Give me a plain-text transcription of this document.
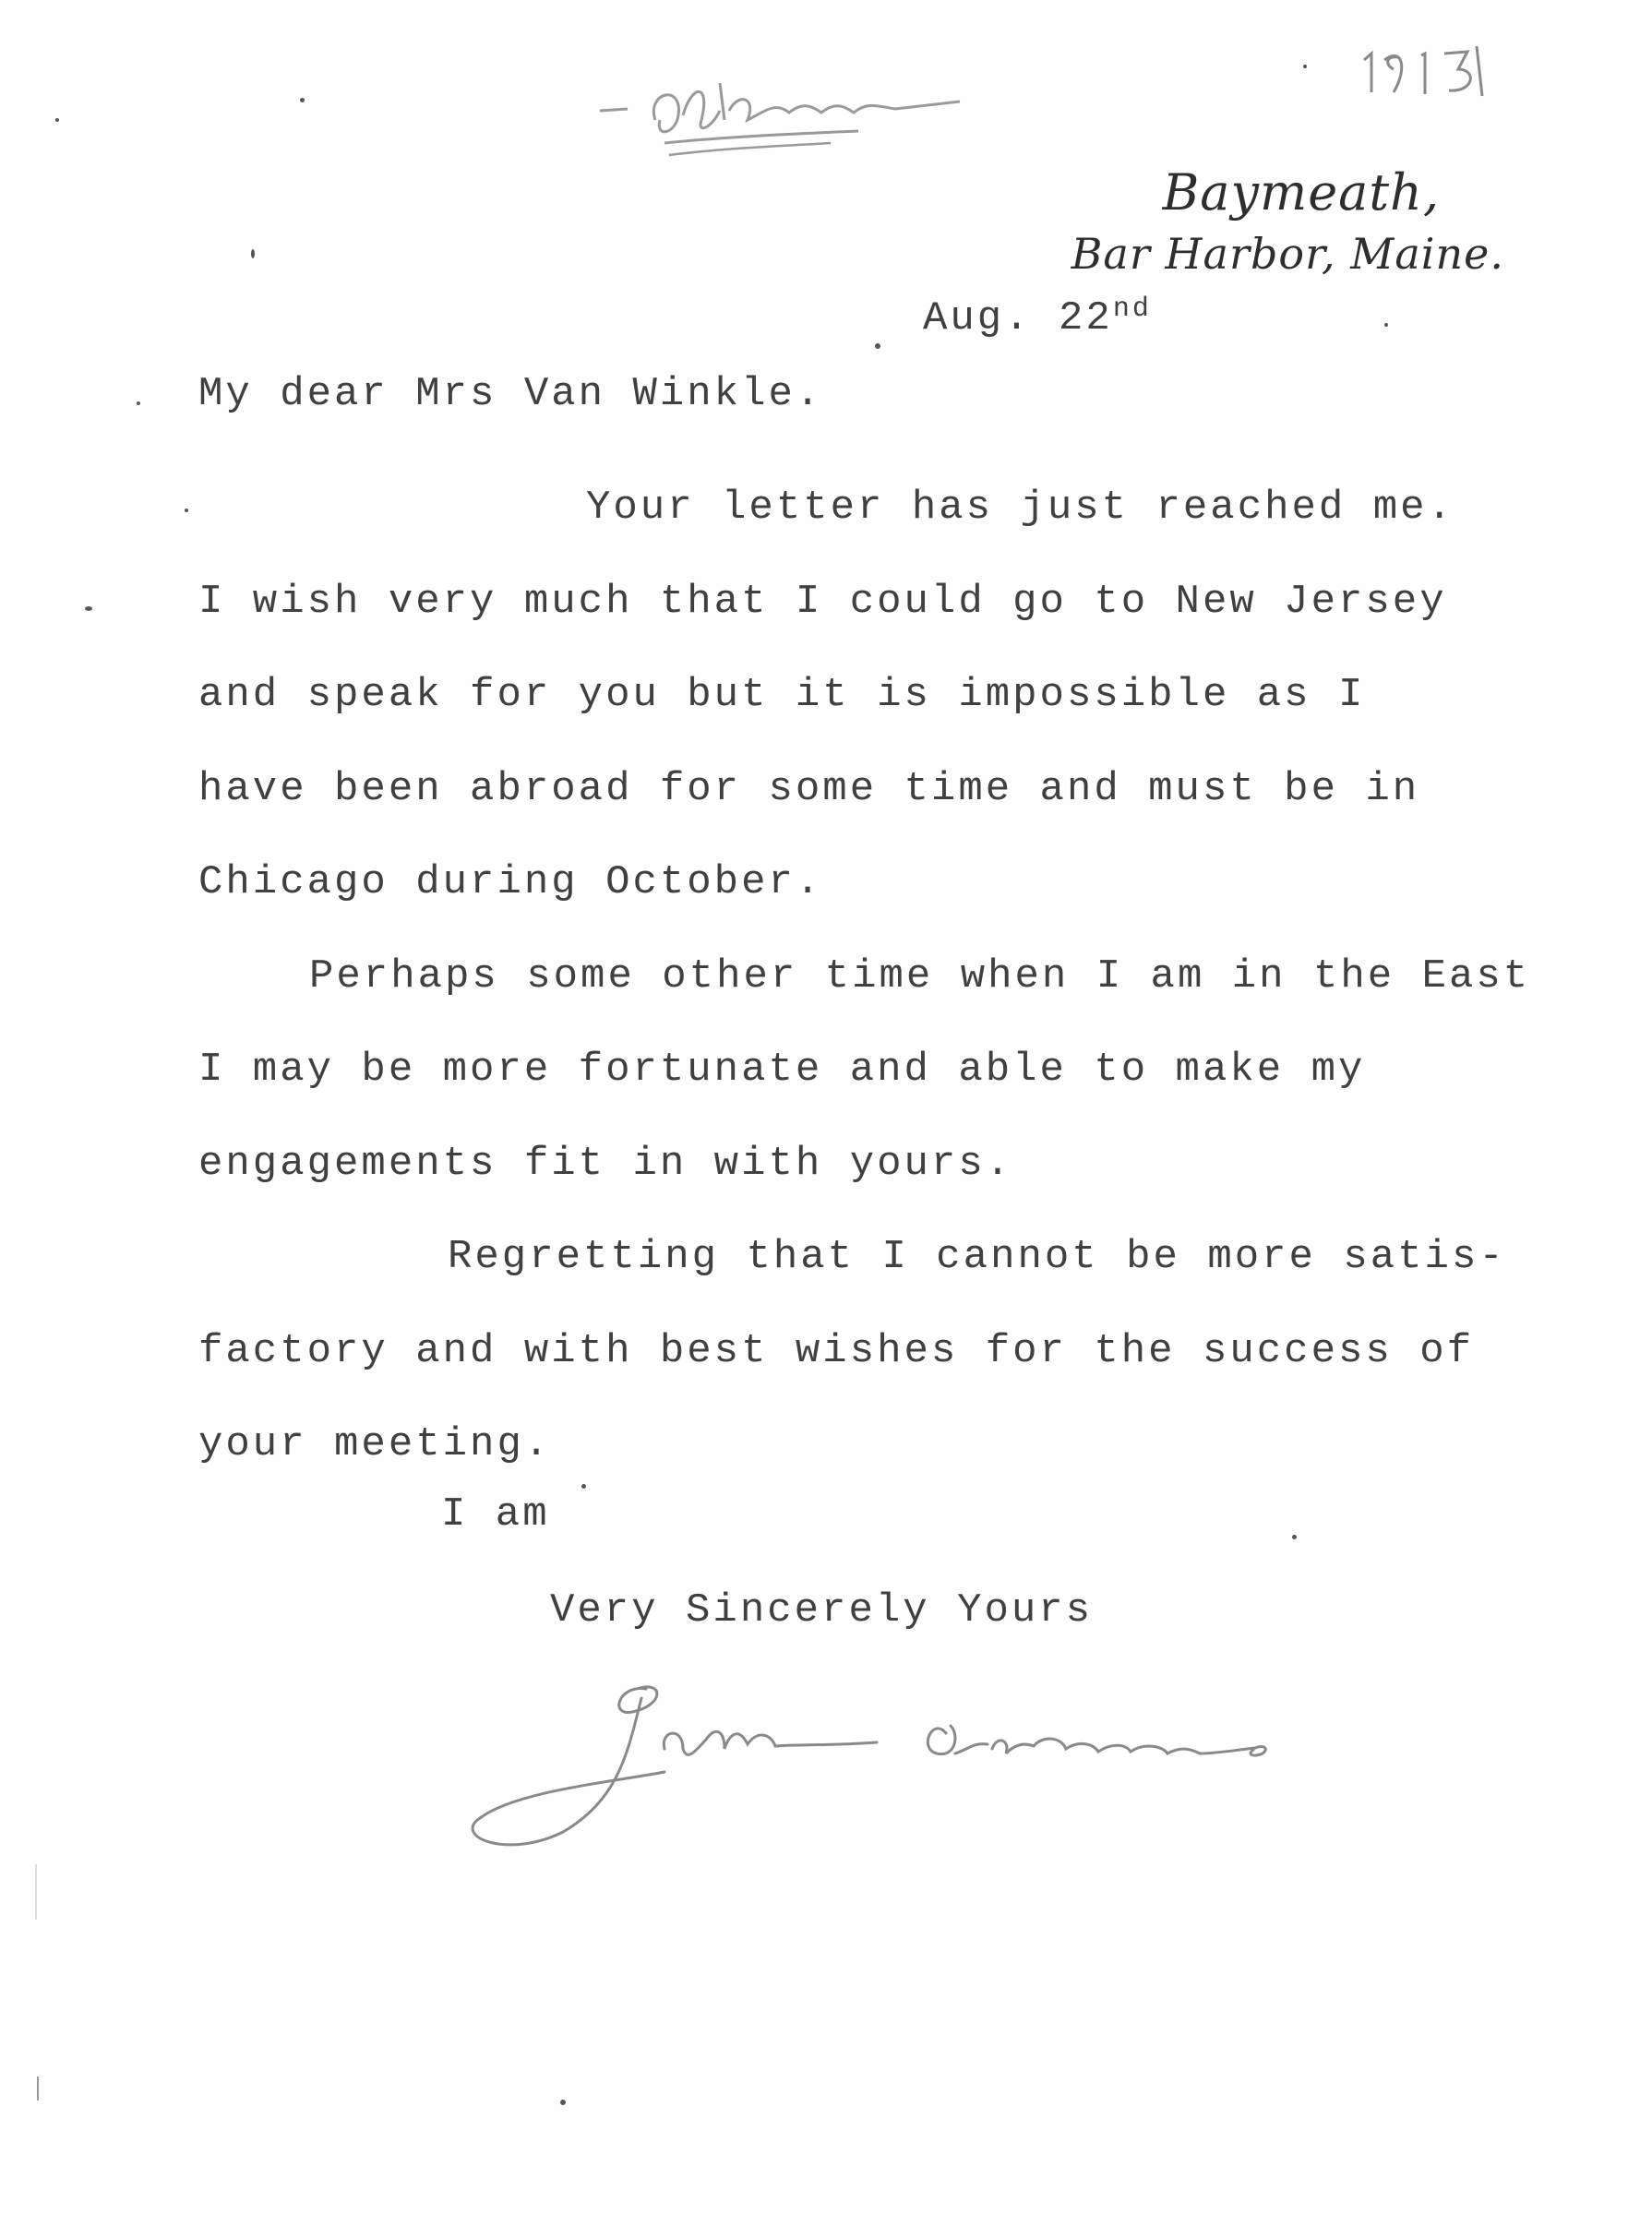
Baymeath,
Bar Harbor, Maine.
Aug. 22nd
My dear Mrs Van Winkle.
Your letter has just reached me.
I wish very much that I could go to New Jersey
and speak for you but it is impossible as I
have been abroad for some time and must be in
Chicago during October.
Perhaps some other time when I am in the East
I may be more fortunate and able to make my
engagements fit in with yours.
Regretting that I cannot be more satis-
factory and with best wishes for the success of
your meeting.
I am
Very Sincerely Yours
